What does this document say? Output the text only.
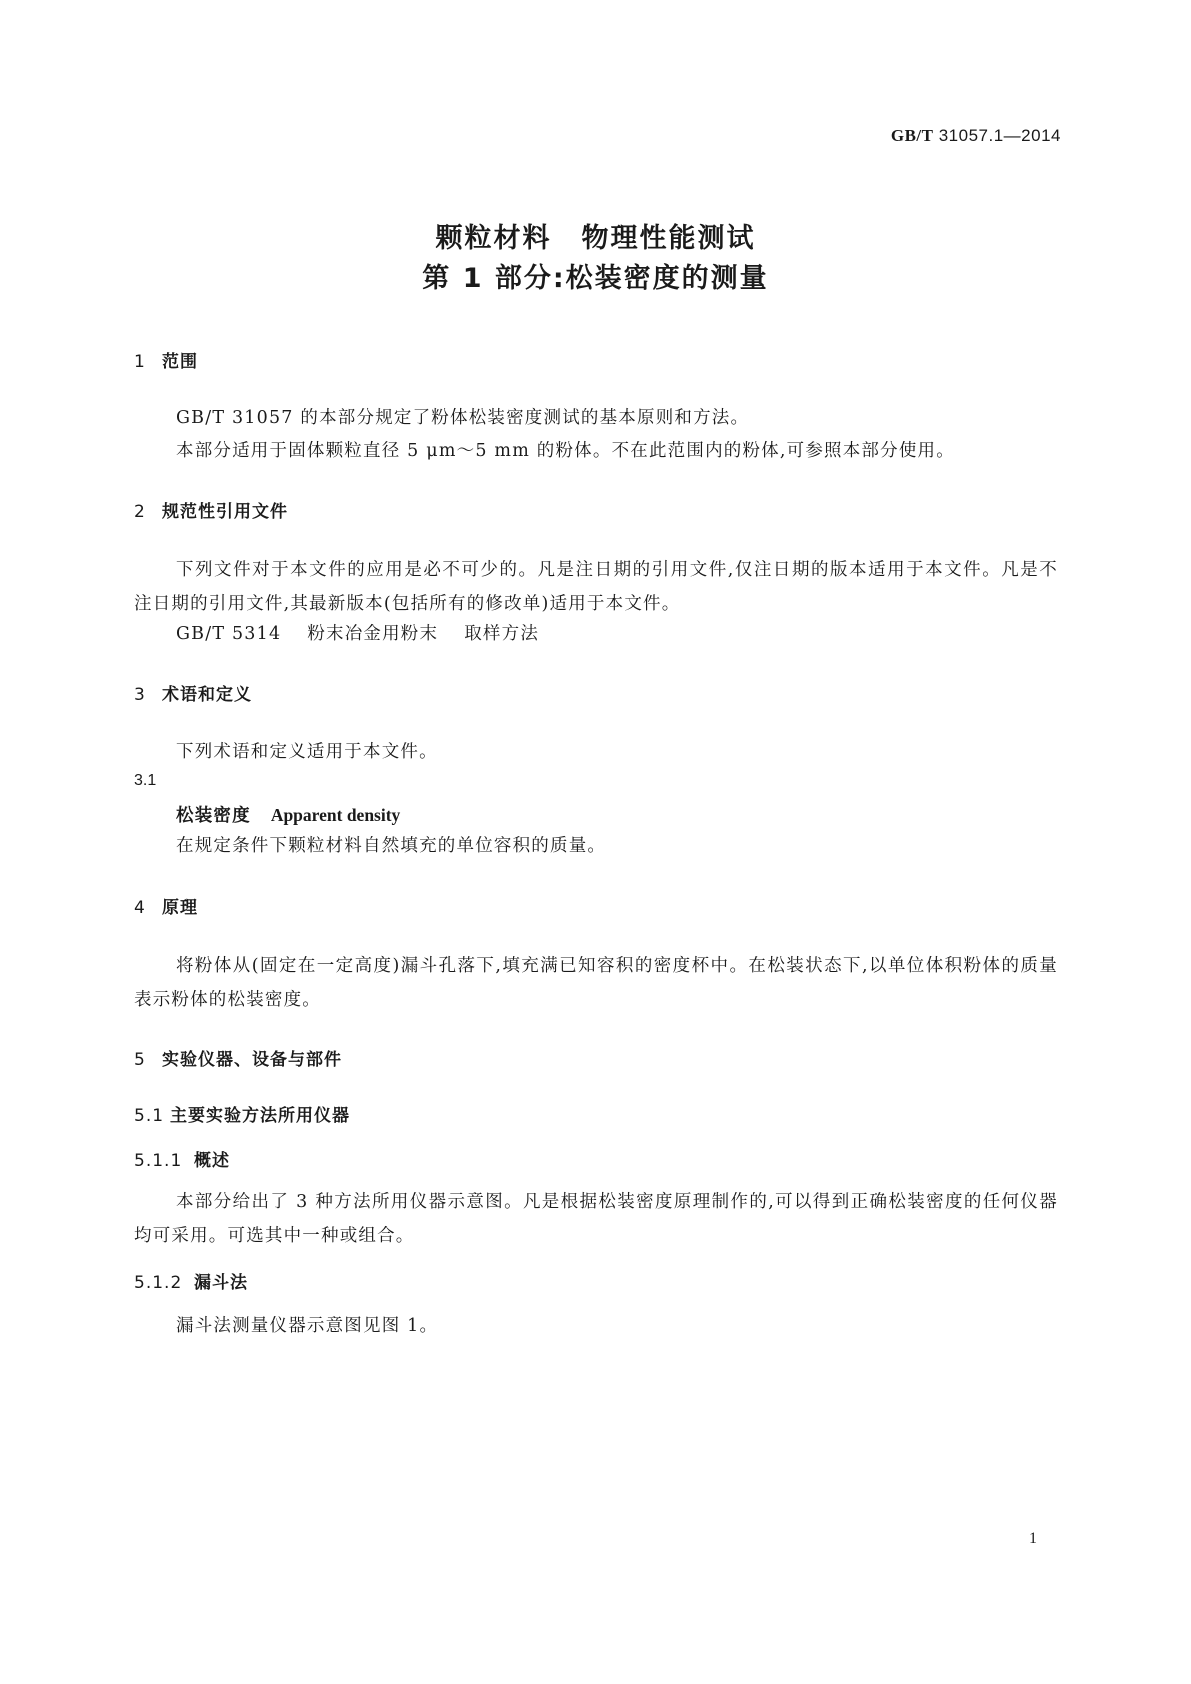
GB/T 31057.1—2014
颗粒材料 物理性能测试
第 1 部分:松装密度的测量
1 范围
GB/T 31057 的本部分规定了粉体松装密度测试的基本原则和方法。
本部分适用于固体颗粒直径 5 μm～5 mm 的粉体。不在此范围内的粉体,可参照本部分使用。
2 规范性引用文件
下列文件对于本文件的应用是必不可少的。凡是注日期的引用文件,仅注日期的版本适用于本文件。凡是不注日期的引用文件,其最新版本(包括所有的修改单)适用于本文件。
GB/T 5314 粉末冶金用粉末 取样方法
3 术语和定义
下列术语和定义适用于本文件。
3.1
松装密度 Apparent density
在规定条件下颗粒材料自然填充的单位容积的质量。
4 原理
将粉体从(固定在一定高度)漏斗孔落下,填充满已知容积的密度杯中。在松装状态下,以单位体积粉体的质量表示粉体的松装密度。
5 实验仪器、设备与部件
5.1 主要实验方法所用仪器
5.1.1 概述
本部分给出了 3 种方法所用仪器示意图。凡是根据松装密度原理制作的,可以得到正确松装密度的任何仪器均可采用。可选其中一种或组合。
5.1.2 漏斗法
漏斗法测量仪器示意图见图 1。
1
